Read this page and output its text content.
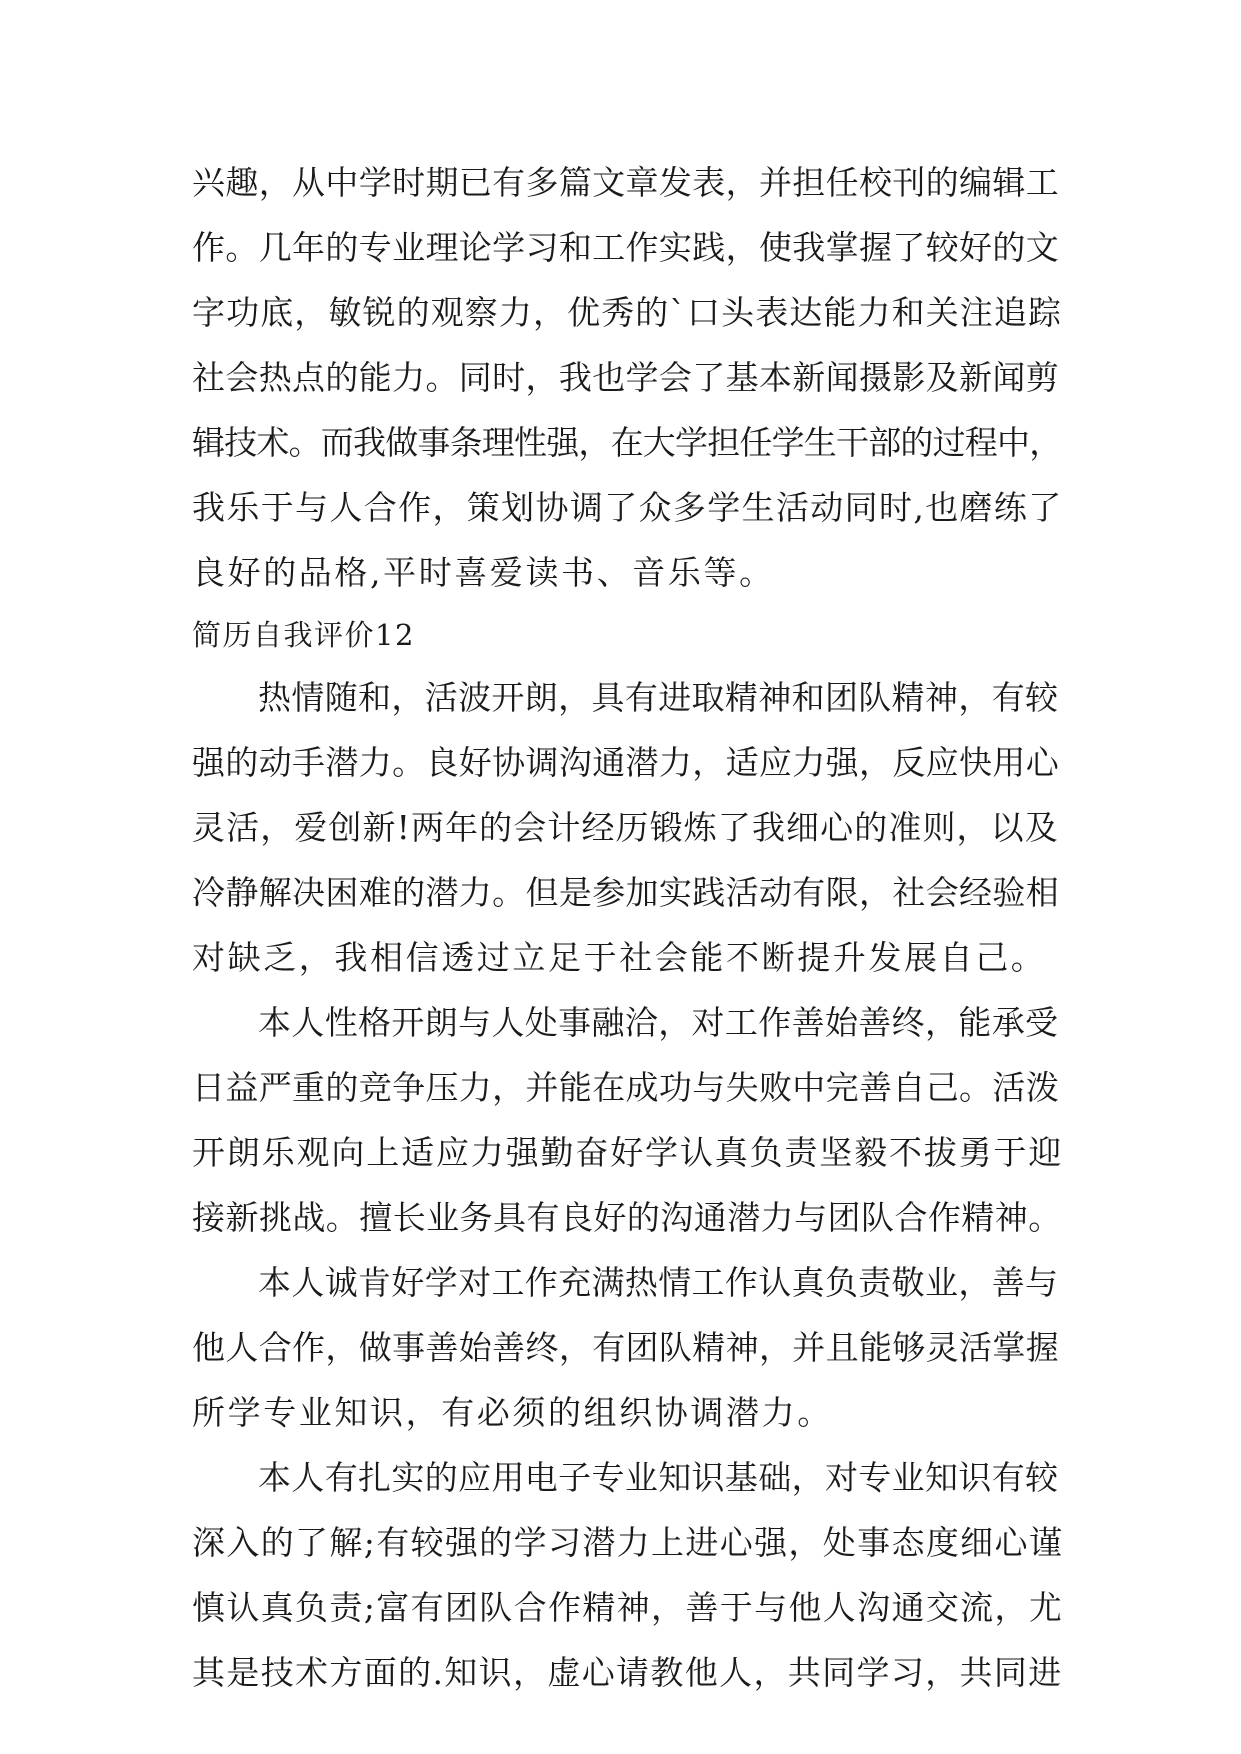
兴趣，从中学时期已有多篇文章发表，并担任校刊的编辑工
作。几年的专业理论学习和工作实践，使我掌握了较好的文
字功底，敏锐的观察力，优秀的`口头表达能力和关注追踪
社会热点的能力。同时，我也学会了基本新闻摄影及新闻剪
辑技术。而我做事条理性强，在大学担任学生干部的过程中，
我乐于与人合作，策划协调了众多学生活动同时,也磨练了
良好的品格,平时喜爱读书、音乐等。
简历自我评价12
热情随和，活波开朗，具有进取精神和团队精神，有较
强的动手潜力。良好协调沟通潜力，适应力强，反应快用心
灵活，爱创新!两年的会计经历锻炼了我细心的准则，以及
冷静解决困难的潜力。但是参加实践活动有限，社会经验相
对缺乏，我相信透过立足于社会能不断提升发展自己。
本人性格开朗与人处事融洽，对工作善始善终，能承受
日益严重的竞争压力，并能在成功与失败中完善自己。活泼
开朗乐观向上适应力强勤奋好学认真负责坚毅不拔勇于迎
接新挑战。擅长业务具有良好的沟通潜力与团队合作精神。
本人诚肯好学对工作充满热情工作认真负责敬业，善与
他人合作，做事善始善终，有团队精神，并且能够灵活掌握
所学专业知识，有必须的组织协调潜力。
本人有扎实的应用电子专业知识基础，对专业知识有较
深入的了解;有较强的学习潜力上进心强，处事态度细心谨
慎认真负责;富有团队合作精神，善于与他人沟通交流，尤
其是技术方面的.知识，虚心请教他人，共同学习，共同进
